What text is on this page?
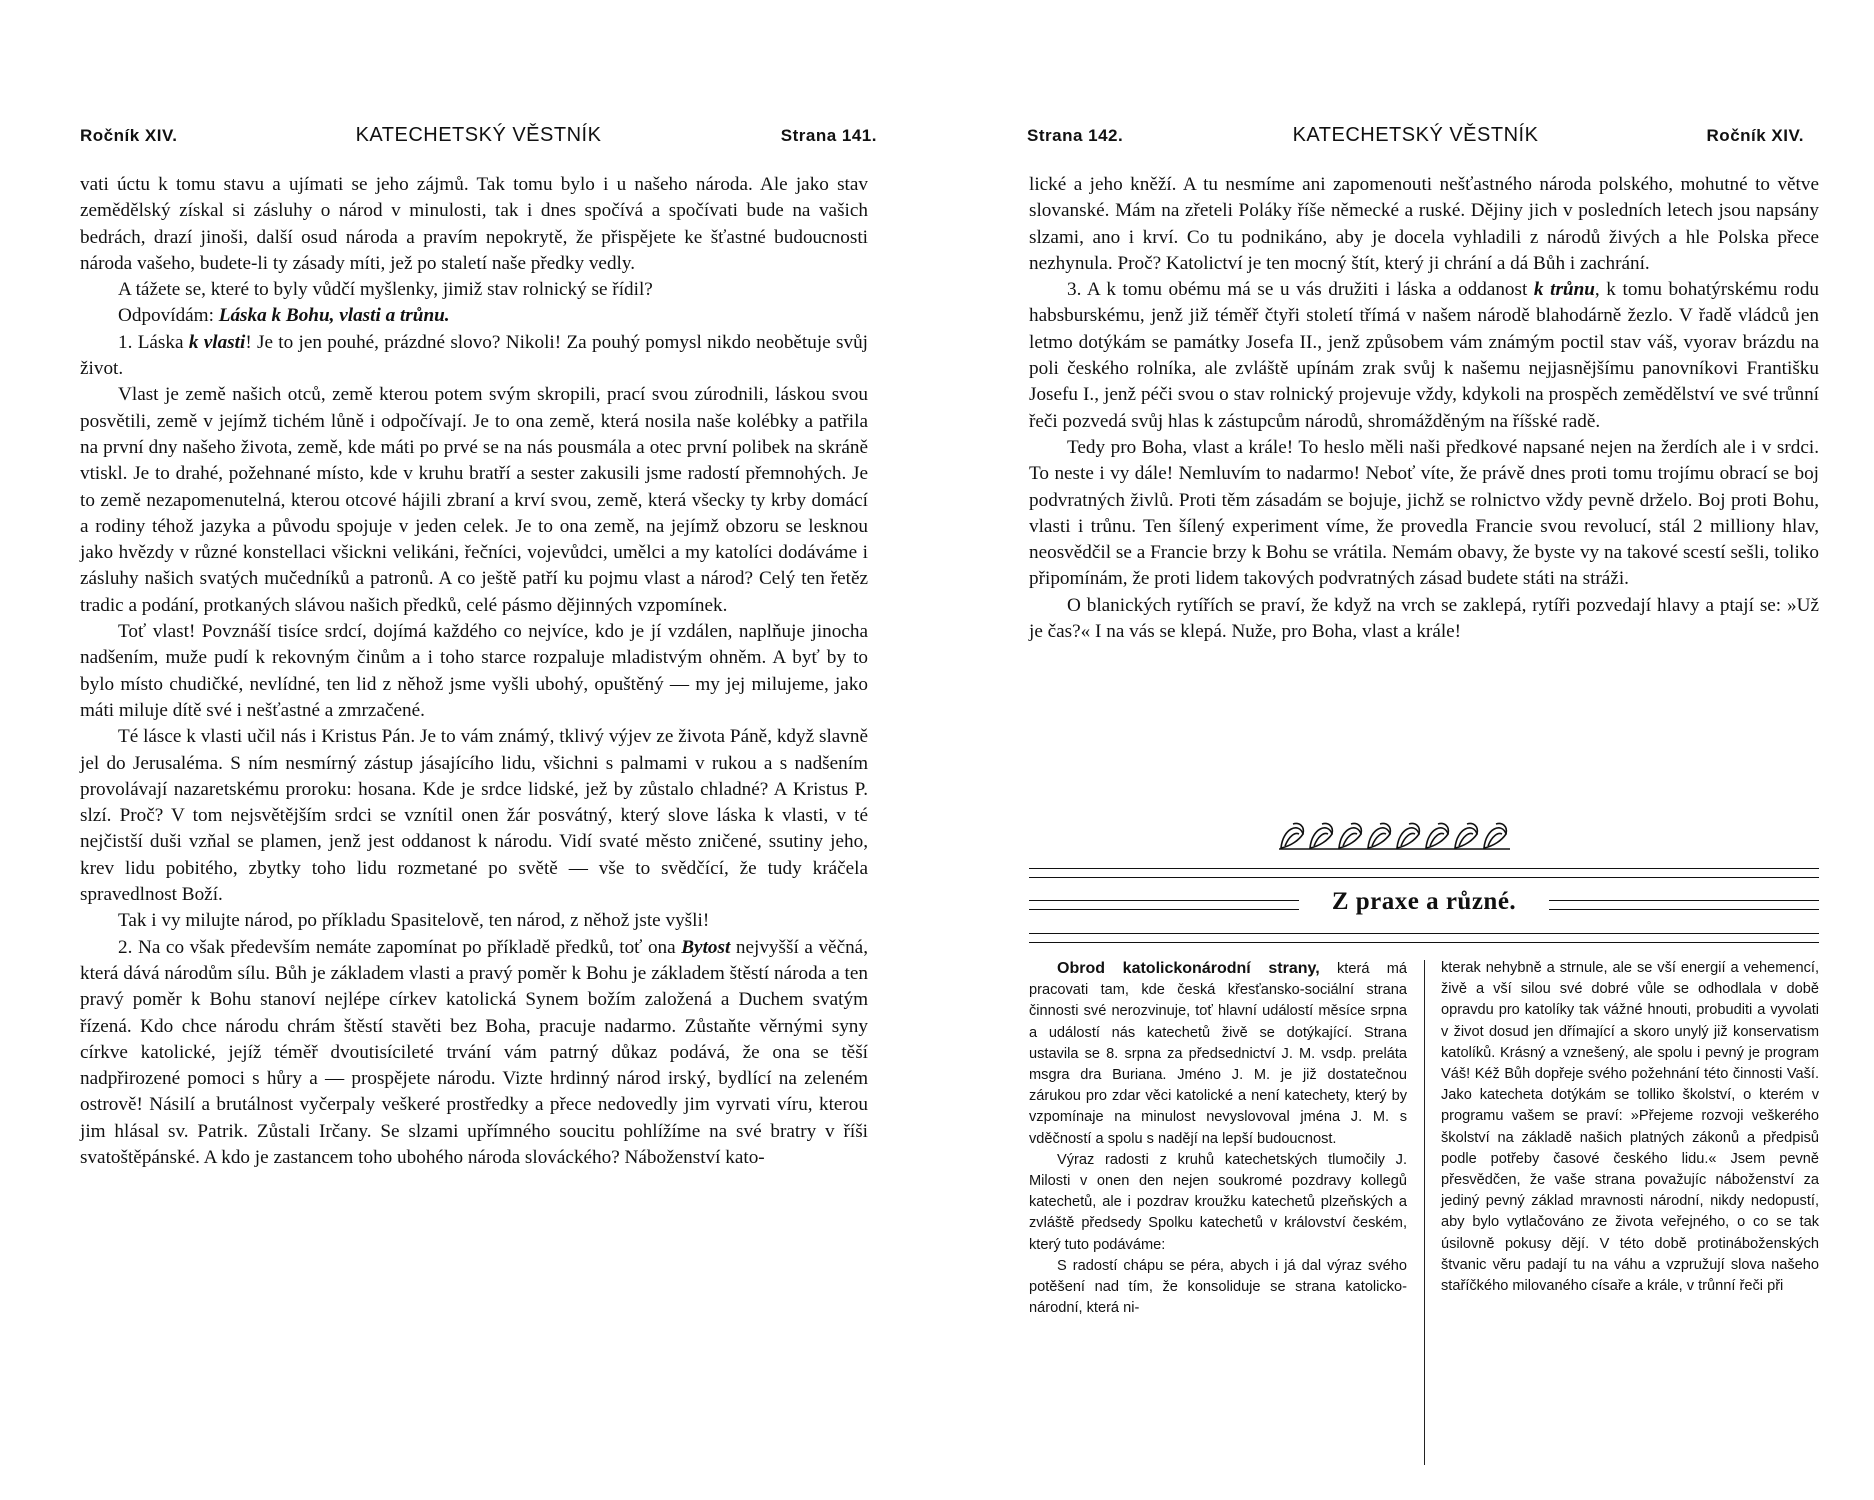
Ročník XIV.	KATECHETSKÝ VĚSTNÍK	Strana 141.

vati úctu k tomu stavu a ujímati se jeho zájmů. Tak tomu bylo i u našeho národa. Ale jako stav zemědělský získal si zásluhy o národ v minulosti, tak i dnes spočívá a spočívati bude na vašich bedrách, drazí jinoši, další osud národa a pravím nepokrytě, že přispějete ke šťastné budoucnosti národa vašeho, budete-li ty zásady míti, jež po staletí naše předky vedly.

A tážete se, které to byly vůdčí myšlenky, jimiž stav rolnický se řídil?

Odpovídám: Láska k Bohu, vlasti a trůnu.

1. Láska k vlasti! Je to jen pouhé, prázdné slovo? Nikoli! Za pouhý pomysl nikdo neobětuje svůj život.

Vlast je země našich otců, země kterou potem svým skropili, prací svou zúrodnili, láskou svou posvětili, země v jejímž tichém lůně i odpočívají. Je to ona země, která nosila naše kolébky a patřila na první dny našeho života, země, kde máti po prvé se na nás pousmála a otec první polibek na skráně vtiskl. Je to drahé, požehnané místo, kde v kruhu bratří a sester zakusili jsme radostí přemnohých. Je to země nezapomenutelná, kterou otcové hájili zbraní a krví svou, země, která všecky ty krby domácí a rodiny téhož jazyka a původu spojuje v jeden celek. Je to ona země, na jejímž obzoru se lesknou jako hvězdy v různé konstellaci všickni velikáni, řečníci, vojevůdci, umělci a my katolíci dodáváme i zásluhy našich svatých mučedníků a patronů. A co ještě patří ku pojmu vlast a národ? Celý ten řetěz tradic a podání, protkaných slávou našich předků, celé pásmo dějinných vzpomínek.

Toť vlast! Povznáší tisíce srdcí, dojímá každého co nejvíce, kdo je jí vzdálen, naplňuje jinocha nadšením, muže pudí k rekovným činům a i toho starce rozpaluje mladistvým ohněm. A byť by to bylo místo chudičké, nevlídné, ten lid z něhož jsme vyšli ubohý, opuštěný — my jej milujeme, jako máti miluje dítě své i nešťastné a zmrzačené.

Té lásce k vlasti učil nás i Kristus Pán. Je to vám známý, tklivý výjev ze života Páně, když slavně jel do Jerusaléma. S ním nesmírný zástup jásajícího lidu, všichni s palmami v rukou a s nadšením provolávají nazaretskému proroku: hosana. Kde je srdce lidské, jež by zůstalo chladné? A Kristus P. slzí. Proč? V tom nejsvětějším srdci se vznítil onen žár posvátný, který slove láska k vlasti, v té nejčistší duši vzňal se plamen, jenž jest oddanost k národu. Vidí svaté město zničené, ssutiny jeho, krev lidu pobitého, zbytky toho lidu rozmetané po světě — vše to svědčící, že tudy kráčela spravedlnost Boží.

Tak i vy milujte národ, po příkladu Spasitelově, ten národ, z něhož jste vyšli!

2. Na co však především nemáte zapomínat po příkladě předků, toť ona Bytost nejvyšší a věčná, která dává národům sílu. Bůh je základem vlasti a pravý poměr k Bohu je základem štěstí národa a ten pravý poměr k Bohu stanoví nejlépe církev katolická Synem božím založená a Duchem svatým řízená. Kdo chce národu chrám štěstí stavěti bez Boha, pracuje nadarmo. Zůstaňte věrnými syny církve katolické, jejíž téměř dvoutisícileté trvání vám patrný důkaz podává, že ona se těší nadpřirozené pomoci s hůry a — prospějete národu. Vizte hrdinný národ irský, bydlící na zeleném ostrově! Násilí a brutálnost vyčerpaly veškeré prostředky a přece nedovedly jim vyrvati víru, kterou jim hlásal sv. Patrik. Zůstali Irčany. Se slzami upřímného soucitu pohlížíme na své bratry v říši svatoštěpánské. A kdo je zastancem toho ubohého národa slováckého? Náboženství kato-

Strana 142.	KATECHETSKÝ VĚSTNÍK	Ročník XIV.

lické a jeho kněží. A tu nesmíme ani zapomenouti nešťastného národa polského, mohutné to větve slovanské. Mám na zřeteli Poláky říše německé a ruské. Dějiny jich v posledních letech jsou napsány slzami, ano i krví. Co tu podnikáno, aby je docela vyhladili z národů živých a hle Polska přece nezhynula. Proč? Katolictví je ten mocný štít, který ji chrání a dá Bůh i zachrání.

3. A k tomu obému má se u vás družiti i láska a oddanost k trůnu, k tomu bohatýrskému rodu habsburskému, jenž již téměř čtyři století třímá v našem národě blahodárně žezlo. V řadě vládců jen letmo dotýkám se památky Josefa II., jenž způsobem vám známým poctil stav váš, vyorav brázdu na poli českého rolníka, ale zvláště upínám zrak svůj k našemu nejjasnějšímu panovníkovi Františku Josefu I., jenž péči svou o stav rolnický projevuje vždy, kdykoli na prospěch zemědělství ve své trůnní řeči pozvedá svůj hlas k zástupcům národů, shromážděným na říšské radě.

Tedy pro Boha, vlast a krále! To heslo měli naši předkové napsané nejen na žerdích ale i v srdci. To neste i vy dále! Nemluvím to nadarmo! Neboť víte, že právě dnes proti tomu trojímu obrací se boj podvratných živlů. Proti těm zásadám se bojuje, jichž se rolnictvo vždy pevně drželo. Boj proti Bohu, vlasti i trůnu. Ten šílený experiment víme, že provedla Francie svou revolucí, stál 2 milliony hlav, neosvědčil se a Francie brzy k Bohu se vrátila. Nemám obavy, že byste vy na takové scestí sešli, toliko připomínám, že proti lidem takových podvratných zásad budete státi na stráži.

O blanických rytířích se praví, že když na vrch se zaklepá, rytíři pozvedají hlavy a ptají se: »Už je čas?« I na vás se klepá. Nuže, pro Boha, vlast a krále!

Z praxe a různé.

Obrod katolickonárodní strany, která má pracovati tam, kde česká křesťansko-sociální strana činnosti své nerozvinuje, toť hlavní událostí měsíce srpna a událostí nás katechetů živě se dotýkající. Strana ustavila se 8. srpna za předsednictví J. M. vsdp. preláta msgra dra Buriana. Jméno J. M. je již dostatečnou zárukou pro zdar věci katolické a není katechety, který by vzpomínaje na minulost nevyslovoval jména J. M. s vděčností a spolu s nadějí na lepší budoucnost.

Výraz radosti z kruhů katechetských tlumočily J. Milosti v onen den nejen soukromé pozdravy kollegů katechetů, ale i pozdrav kroužku katechetů plzeňských a zvláště předsedy Spolku katechetů v království českém, který tuto podáváme:

S radostí chápu se péra, abych i já dal výraz svého potěšení nad tím, že konsoliduje se strana katolicko-národní, která ni-

kterak nehybně a strnule, ale se vší energií a vehemencí, živě a vší silou své dobré vůle se odhodlala v době opravdu pro katolíky tak vážné hnouti, probuditi a vyvolati v život dosud jen dřímající a skoro unylý již konservatism katolíků. Krásný a vznešený, ale spolu i pevný je program Váš! Kéž Bůh dopřeje svého požehnání této činnosti Vaší. Jako katecheta dotýkám se tolliko školství, o kterém v programu vašem se praví: »Přejeme rozvoji veškerého školství na základě našich platných zákonů a předpisů podle potřeby časové českého lidu.« Jsem pevně přesvědčen, že vaše strana považujíc náboženství za jediný pevný základ mravnosti národní, nikdy nedopustí, aby bylo vytlačováno ze života veřejného, o co se tak úsilovně pokusy dějí. V této době protináboženských štvanic věru padají tu na váhu a vzpružují slova našeho staříčkého milovaného císaře a krále, v trůnní řeči při
